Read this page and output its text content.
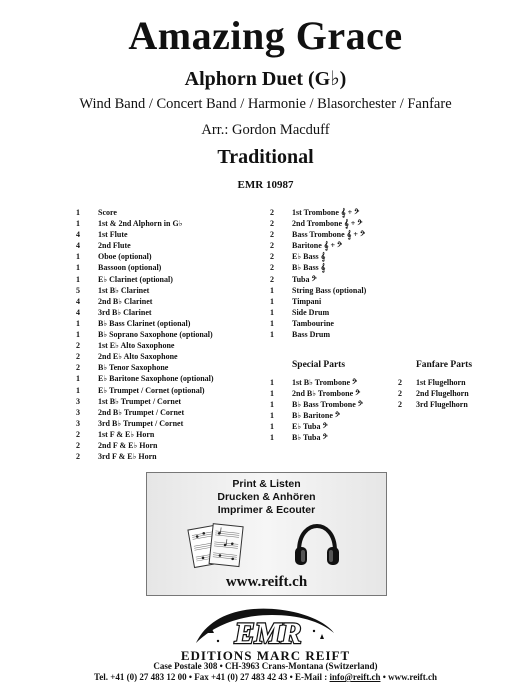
Amazing Grace
Alphorn Duet (G♭)
Wind Band / Concert Band / Harmonie / Blasorchester / Fanfare
Arr.: Gordon Macduff
Traditional
EMR 10987
1	Score
1	1st & 2nd Alphorn in G♭
4	1st Flute
4	2nd Flute
1	Oboe (optional)
1	Bassoon (optional)
1	E♭ Clarinet (optional)
5	1st B♭ Clarinet
4	2nd B♭ Clarinet
4	3rd B♭ Clarinet
1	B♭ Bass Clarinet (optional)
1	B♭ Soprano Saxophone (optional)
2	1st E♭ Alto Saxophone
2	2nd E♭ Alto Saxophone
2	B♭ Tenor Saxophone
1	E♭ Baritone Saxophone (optional)
1	E♭ Trumpet / Cornet (optional)
3	1st B♭ Trumpet / Cornet
3	2nd B♭ Trumpet / Cornet
3	3rd B♭ Trumpet / Cornet
2	1st F & E♭ Horn
2	2nd F & E♭ Horn
2	3rd F & E♭ Horn
2	1st Trombone 𝄞 + 𝄢
2	2nd Trombone 𝄞 + 𝄢
2	Bass Trombone 𝄞 + 𝄢
2	Baritone 𝄞 + 𝄢
2	E♭ Bass 𝄞
2	B♭ Bass 𝄞
2	Tuba 𝄢
1	String Bass (optional)
1	Timpani
1	Side Drum
1	Tambourine
1	Bass Drum
Special Parts	Fanfare Parts
1	1st B♭ Trombone 𝄢
1	2nd B♭ Trombone 𝄢
1	B♭ Bass Trombone 𝄢
1	B♭ Baritone 𝄢
1	E♭ Tuba 𝄢
1	B♭ Tuba 𝄢
2	1st Flugelhorn
2	2nd Flugelhorn
2	3rd Flugelhorn
Print & Listen
Drucken & Anhören
Imprimer & Ecouter
www.reift.ch
EMR
EDITIONS MARC REIFT
Case Postale 308 • CH-3963 Crans-Montana (Switzerland)
Tel. +41 (0) 27 483 12 00 • Fax +41 (0) 27 483 42 43 • E-Mail : info@reift.ch • www.reift.ch
